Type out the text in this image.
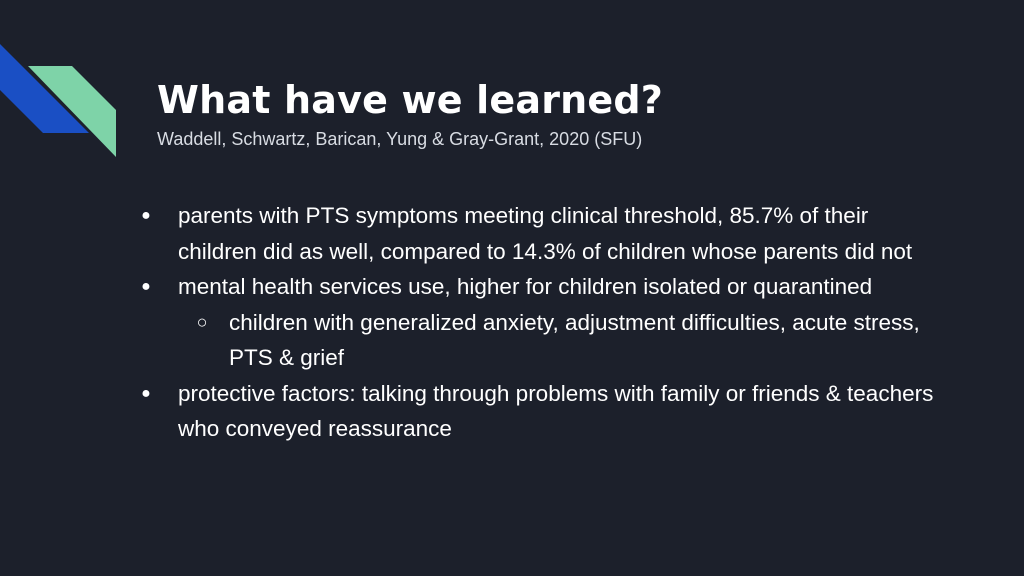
What have we learned?

Waddell, Schwartz, Barican, Yung & Gray-Grant, 2020 (SFU)

● parents with PTS symptoms meeting clinical threshold, 85.7% of their children did as well, compared to 14.3% of children whose parents did not
● mental health services use, higher for children isolated or quarantined
○ children with generalized anxiety, adjustment difficulties, acute stress, PTS & grief
● protective factors: talking through problems with family or friends & teachers who conveyed reassurance
